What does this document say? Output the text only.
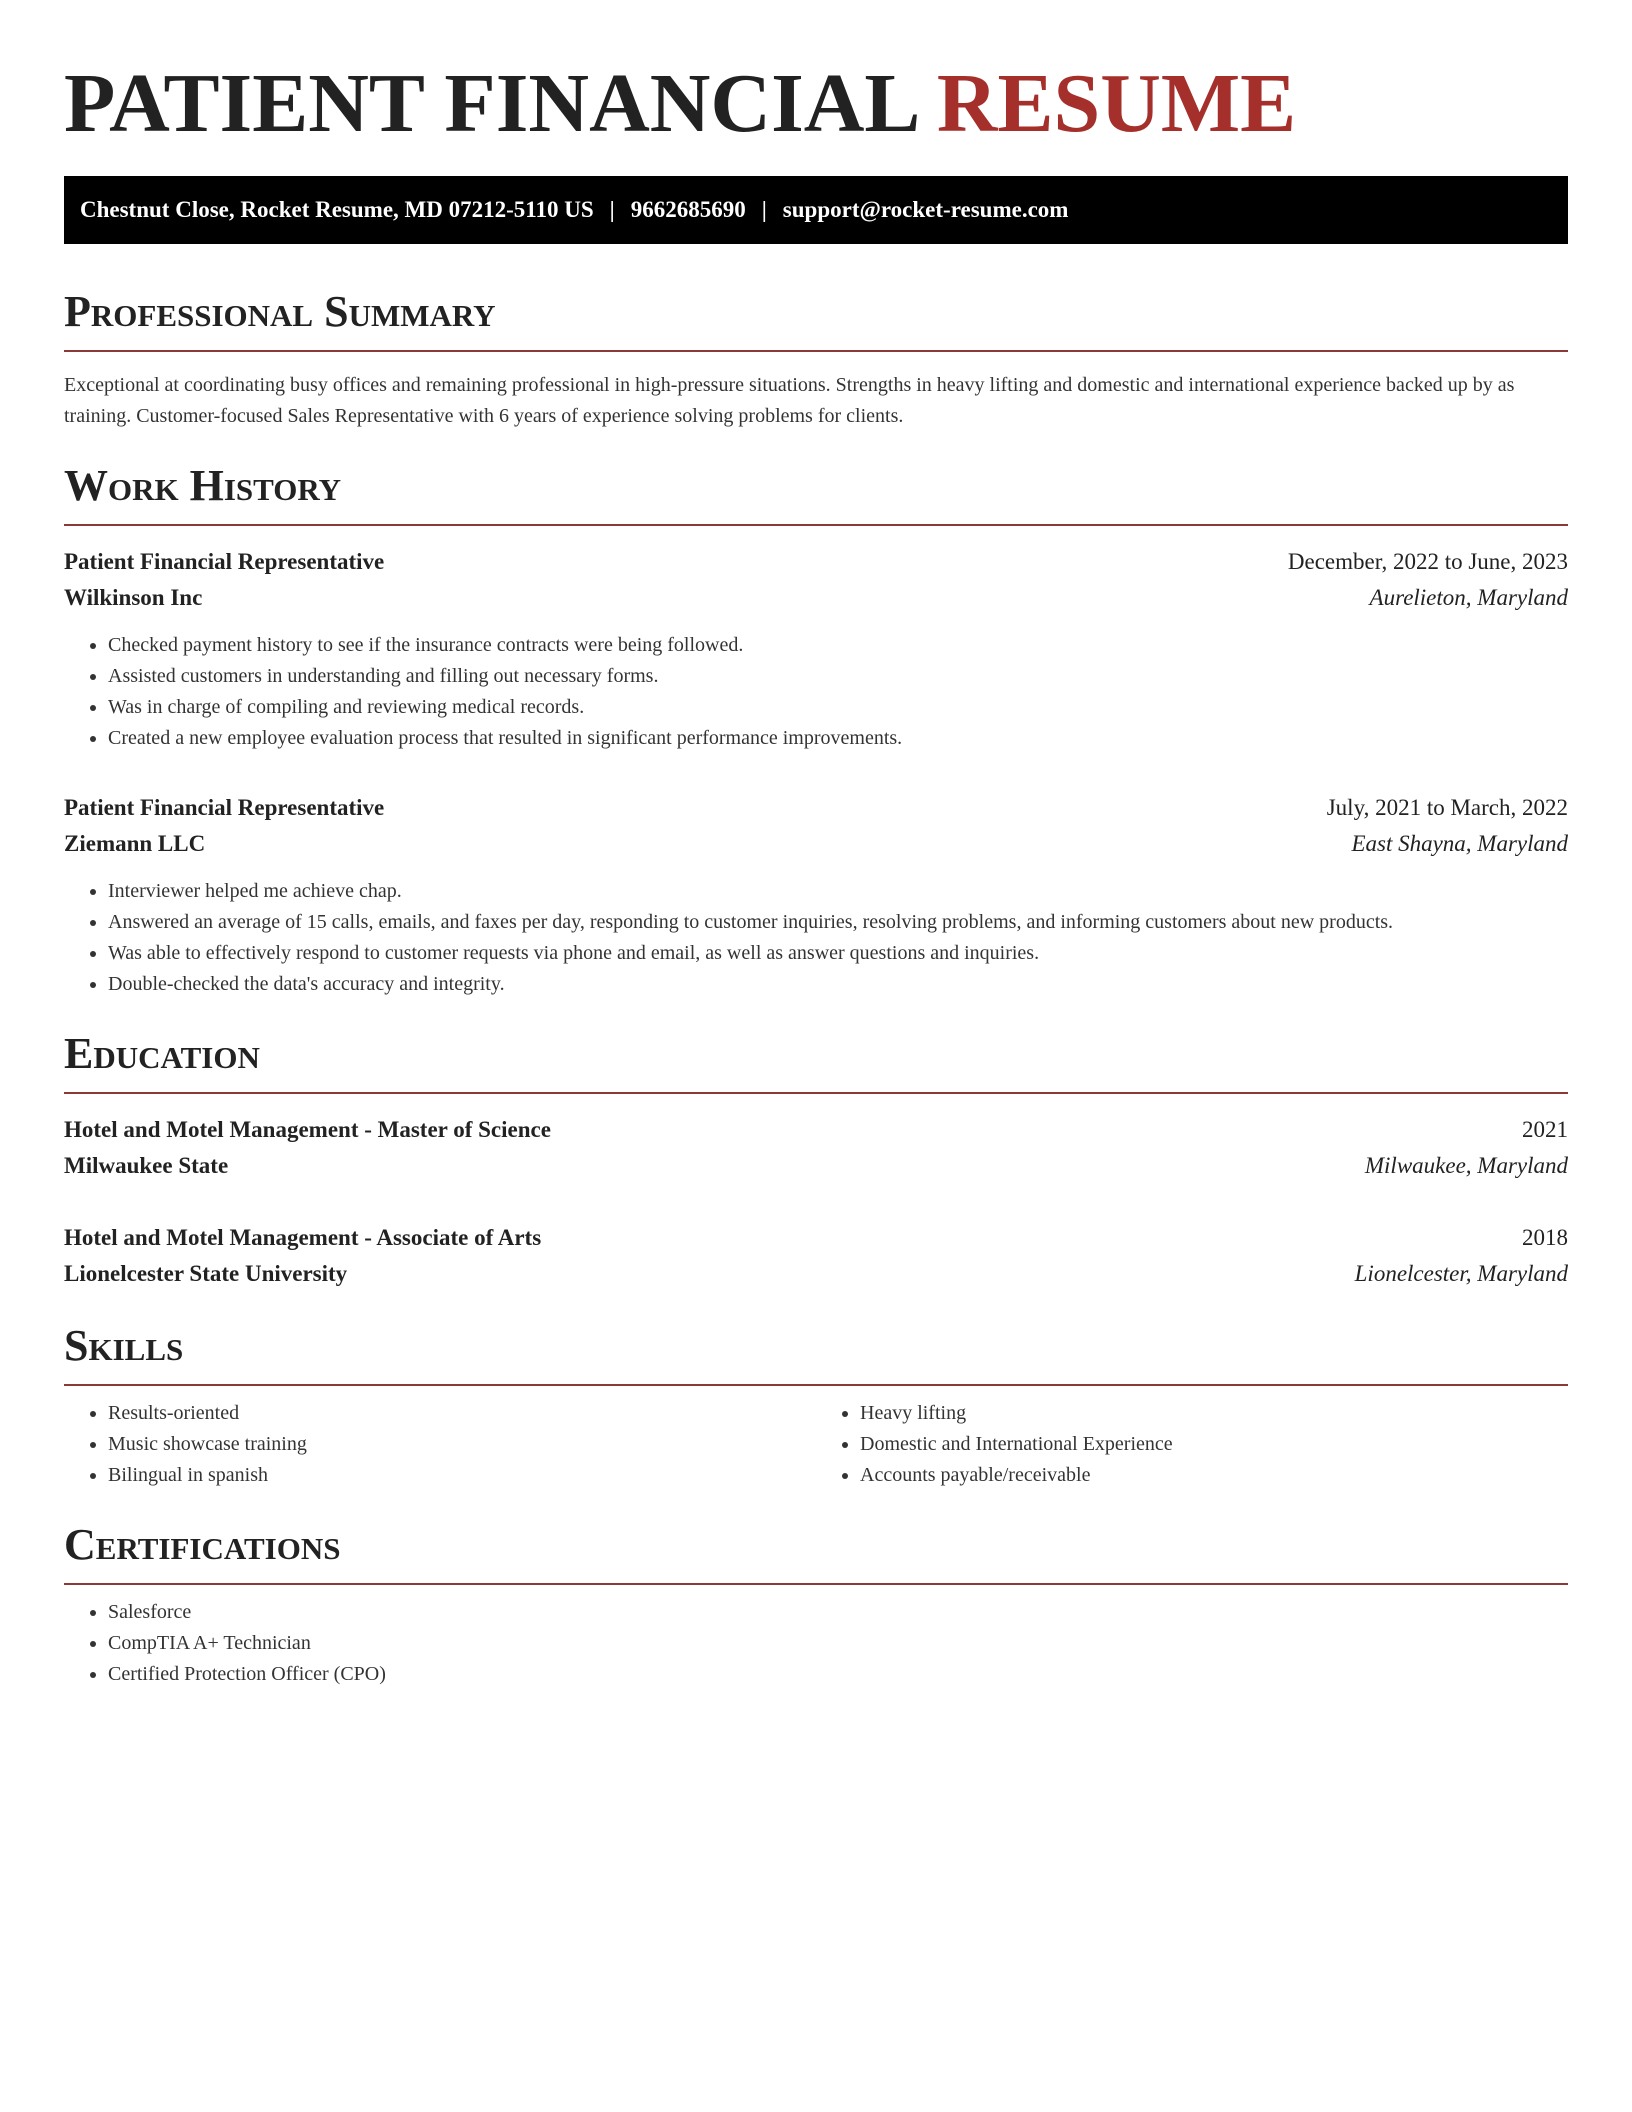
PATIENT FINANCIAL RESUME
Chestnut Close, Rocket Resume, MD 07212-5110 US | 9662685690 | support@rocket-resume.com
Professional Summary

Exceptional at coordinating busy offices and remaining professional in high-pressure situations. Strengths in heavy lifting and domestic and international experience backed up by as training. Customer-focused Sales Representative with 6 years of experience solving problems for clients.

Work History
Patient Financial Representative	December, 2022 to June, 2023
Wilkinson Inc	Aurelieton, Maryland
• Checked payment history to see if the insurance contracts were being followed.
• Assisted customers in understanding and filling out necessary forms.
• Was in charge of compiling and reviewing medical records.
• Created a new employee evaluation process that resulted in significant performance improvements.
Patient Financial Representative	July, 2021 to March, 2022
Ziemann LLC	East Shayna, Maryland
• Interviewer helped me achieve chap.
• Answered an average of 15 calls, emails, and faxes per day, responding to customer inquiries, resolving problems, and informing customers about new products.
• Was able to effectively respond to customer requests via phone and email, as well as answer questions and inquiries.
• Double-checked the data's accuracy and integrity.
Education
Hotel and Motel Management - Master of Science	2021
Milwaukee State	Milwaukee, Maryland
Hotel and Motel Management - Associate of Arts	2018
Lionelcester State University	Lionelcester, Maryland
Skills
• Results-oriented
• Music showcase training
• Bilingual in spanish
• Heavy lifting
• Domestic and International Experience
• Accounts payable/receivable
Certifications
• Salesforce
• CompTIA A+ Technician
• Certified Protection Officer (CPO)
